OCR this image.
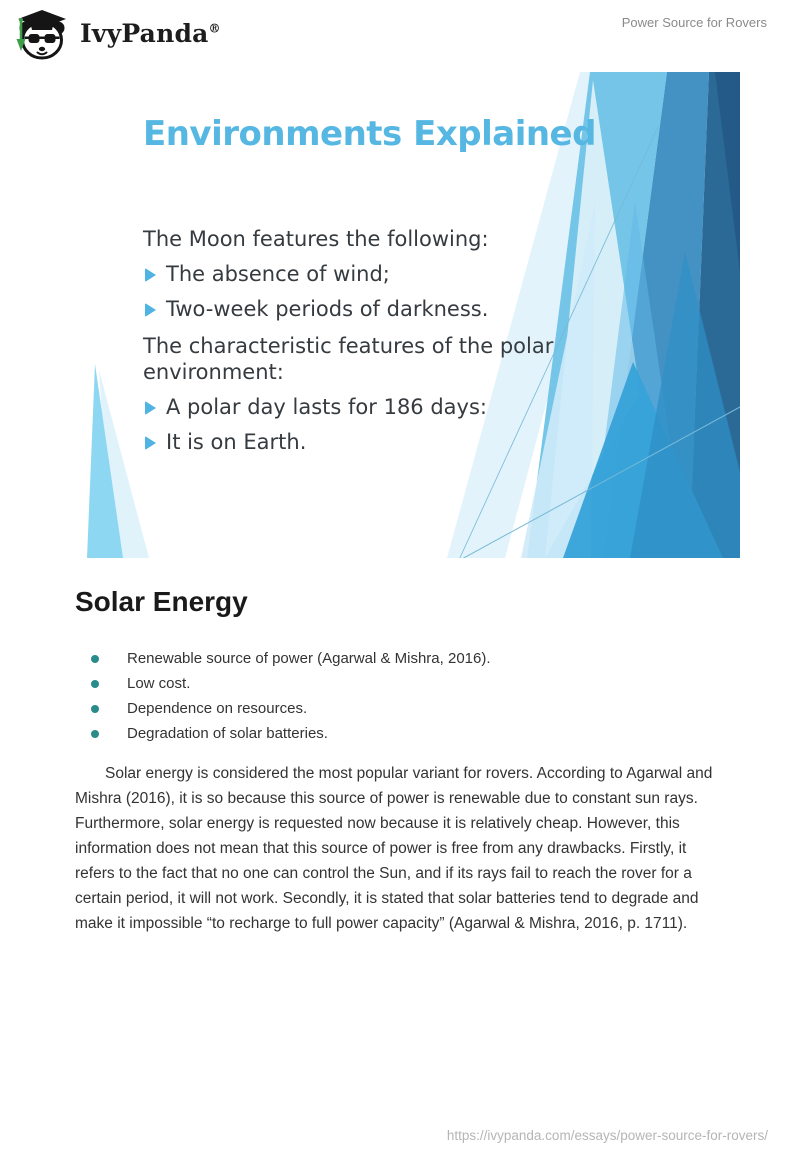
IvyPanda®	Power Source for Rovers
Environments Explained
The Moon features the following:
The absence of wind;
Two-week periods of darkness.
The characteristic features of the polar environment:
A polar day lasts for 186 days:
It is on Earth.
Solar Energy
Renewable source of power (Agarwal & Mishra, 2016).
Low cost.
Dependence on resources.
Degradation of solar batteries.

Solar energy is considered the most popular variant for rovers. According to Agarwal and Mishra (2016), it is so because this source of power is renewable due to constant sun rays. Furthermore, solar energy is requested now because it is relatively cheap. However, this information does not mean that this source of power is free from any drawbacks. Firstly, it refers to the fact that no one can control the Sun, and if its rays fail to reach the rover for a certain period, it will not work. Secondly, it is stated that solar batteries tend to degrade and make it impossible “to recharge to full power capacity” (Agarwal & Mishra, 2016, p. 1711).

https://ivypanda.com/essays/power-source-for-rovers/
